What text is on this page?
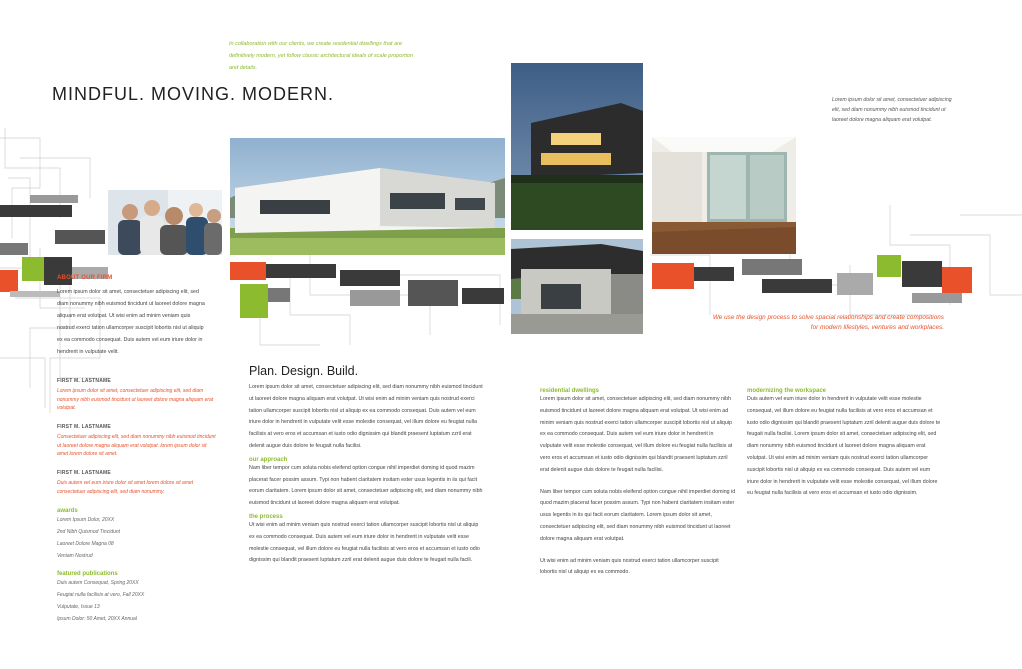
In collaboration with our clients, we create residential dwellings that are definitively modern, yet follow classic architectural ideals of scale proportion and details.
MINDFUL. MOVING. MODERN.	Lorem ipsum dolor sit amet, consectetuer adipiscing elit, sed diam nonummy nibh euismod tincidunt ut laoreet dolore magna aliquam erat volutpat.
We use the design process to solve spacial relationships and create compositions for modern lifestyles, ventures and workplaces.
ABOUT OUR FIRM
Lorem ipsum dolor sit amet, consectetuer adipiscing elit, sed diam nonummy nibh euismod tincidunt ut laoreet dolore magna aliquam erat volutpat. Ut wisi enim ad minim veniam quis nostrud exerci tation ullamcorper suscipit lobortis nisl ut aliquip ex ea commodo consequat. Duis autem vel eum iriure dolor in hendrerit in vulputate velit.
FIRST M. LASTNAME
Lorem ipsum dolor sit amet, consectetuer adipiscing elit, sed diam nonummy nibh euismod tincidunt ut laoreet dolore magna aliquam erat volutpat.
FIRST M. LASTNAME
Consectetuer adipiscing elit, sed diam nonummy nibh euismod tincidunt ut laoreet dolore magna aliquam erat volutpat. lorem ipsum dolor sit amet lorem dolore sit amet.
FIRST M. LASTNAME
Duis autem vel eum iriure dolor sit amet lorem dolore sit amet consectetuer adipiscing elit, sed diam nonummy.
awards
Lorem Ipsum Dolor, 20XX
2nd Nibh Quismod Tincidunt
Laoreet Dolore Magna 08
Veniam Nostrud
featured publications
Duis autem Consequat, Spring 20XX
Feugiat nulla facilisis at vero, Fall 20XX
Vulputate, Issue 13
Ipsum Dolor: 50 Amet, 20XX Annual
Plan. Design. Build.
Lorem ipsum dolor sit amet, consectetuer adipiscing elit, sed diam nonummy nibh euismod tincidunt ut laoreet dolore magna aliquam erat volutpat. Ut wisi enim ad minim veniam quis nostrud exerci tation ullamcorper suscipit lobortis nisl ut aliquip ex ea commodo consequat. Duis autem vel eum iriure dolor in hendrerit in vulputate velit esse molestie consequat, vel illum dolore eu feugiat nulla facilisis at vero eros et accumsan et iusto odio dignissim qui blandit praesent luptatum zzril erat delenit augue duis dolore te feugait nulla facilisi.
our approach
Nam liber tempor cum soluta nobis eleifend option congue nihil imperdiet doming id quod mazim placerat facer possim assum. Typi non habent claritatem insitam ester usus legentis in iis qui facit eorum claritatem. Lorem ipsum dolor sit amet, consectetuer adipiscing elit, sed diam nonummy nibh euismod tincidunt ut laoreet dolore magna aliquam erat volutpat.
the process
Ut wisi enim ad minim veniam quis nostrud exerci tation ullamcorper suscipit lobortis nisl ut aliquip ex ea commodo consequat. Duis autem vel eum iriure dolor in hendrerit in vulputate velit esse molestie consequat, vel illum dolore eu feugiat nulla facilisis at vero eros et accumsan et iusto odio dignissim qui blandit praesent luptatum zzril erat delenit augue duis dolore te feugait nulla facili.
residential dwellings
Lorem ipsum dolor sit amet, consectetuer adipiscing elit, sed diam nonummy nibh euismod tincidunt ut laoreet dolore magna aliquam erat volutpat. Ut wisi enim ad minim veniam quis nostrud exerci tation ullamcorper suscipit lobortis nisl ut aliquip ex ea commodo consequat. Duis autem vel eum iriure dolor in hendrerit in vulputate velit esse molestie consequat, vel illum dolore eu feugiat nulla facilisis at vero eros et accumsan et iusto odio dignissim qui blandit praesent luptatum zzril erat delenit augue duis dolore te feugait nulla facilisi.
Nam liber tempor cum soluta nobis eleifend option congue nihil imperdiet doming id quod mazim placerat facer possim assum. Typi non habent claritatem insitam ester usus legentis in iis qui facit eorum claritatem. Lorem ipsum dolor sit amet, consectetuer adipiscing elit, sed diam nonummy nibh euismod tincidunt ut laoreet dolore magna aliquam erat volutpat.
Ut wisi enim ad minim veniam quis nostrud exerci tation ullamcorper suscipit lobortis nisl ut aliquip ex ea commodo.
modernizing the workspace
Duis autem vel eum iriure dolor in hendrerit in vulputate velit esse molestie consequat, vel illum dolore eu feugiat nulla facilisis at vero eros et accumsan et iusto odio dignissim qui blandit praesent luptatum zzril delenit augue duis dolore te feugait nulla facilisi. Lorem ipsum dolor sit amet, consectetuer adipiscing elit, sed diam nonummy nibh euismod tincidunt ut laoreet dolore magna aliquam erat volutpat. Ut wisi enim ad minim veniam quis nostrud exerci tation ullamcorper suscipit lobortis nisl ut aliquip ex ea commodo consequat. Duis autem vel eum iriure dolor in hendrerit in vulputate velit esse molestie consequat, vel illum dolore eu feugiat nulla facilisis at vero eros et accumsan et iusto odio dignissim.
